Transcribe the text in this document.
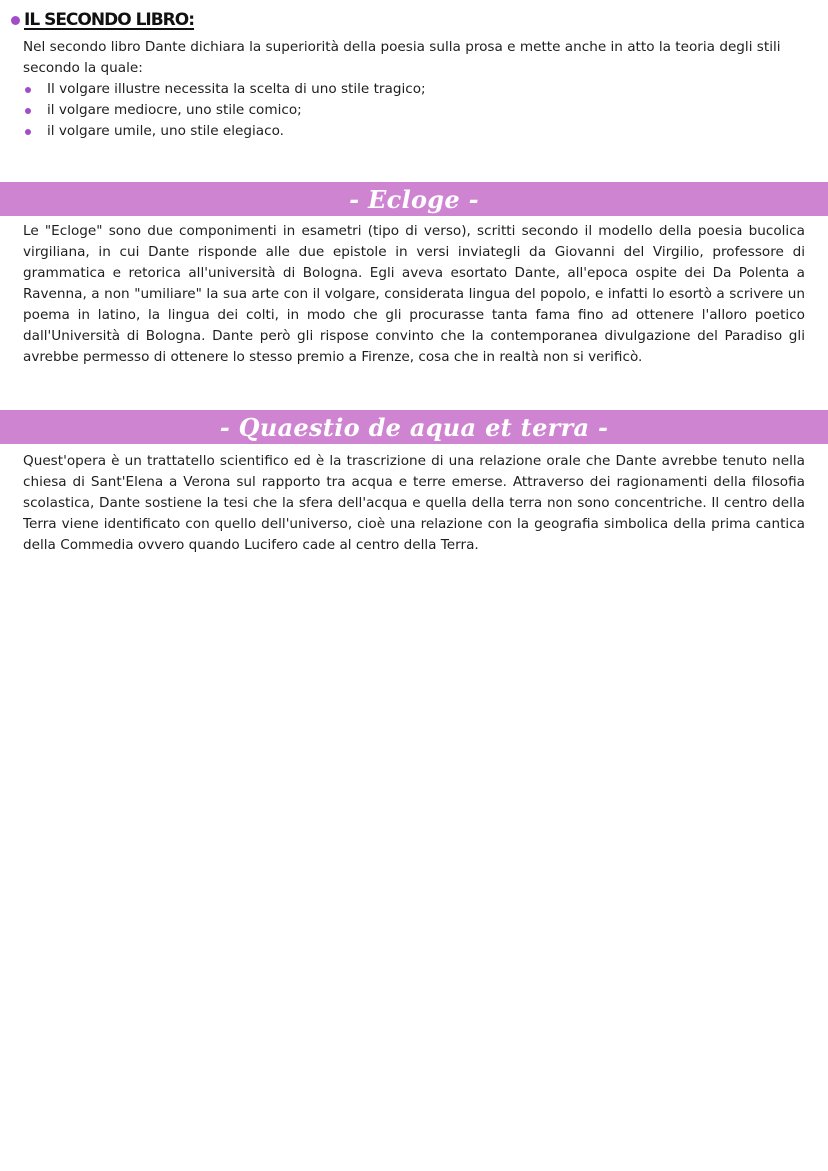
IL SECONDO LIBRO:
Nel secondo libro Dante dichiara la superiorità della poesia sulla prosa e mette anche in atto la teoria degli stili secondo la quale:
Il volgare illustre necessita la scelta di uno stile tragico;
il volgare mediocre, uno stile comico;
il volgare umile, uno stile elegiaco.
- Ecloge -
Le "Ecloge" sono due componimenti in esametri (tipo di verso), scritti secondo il modello della poesia bucolica virgiliana, in cui Dante risponde alle due epistole in versi inviategli da Giovanni del Virgilio, professore di grammatica e retorica all'università di Bologna. Egli aveva esortato Dante, all'epoca ospite dei Da Polenta a Ravenna, a non "umiliare" la sua arte con il volgare, considerata lingua del popolo, e infatti lo esortò a scrivere un poema in latino, la lingua dei colti, in modo che gli procurasse tanta fama fino ad ottenere l'alloro poetico dall'Università di Bologna. Dante però gli rispose convinto che la contemporanea divulgazione del Paradiso gli avrebbe permesso di ottenere lo stesso premio a Firenze, cosa che in realtà non si verificò.
- Quaestio de aqua et terra -
Quest'opera è un trattatello scientifico ed è la trascrizione di una relazione orale che Dante avrebbe tenuto nella chiesa di Sant'Elena a Verona sul rapporto tra acqua e terre emerse. Attraverso dei ragionamenti della filosofia scolastica, Dante sostiene la tesi che la sfera dell'acqua e quella della terra non sono concentriche. Il centro della Terra viene identificato con quello dell'universo, cioè una relazione con la geografia simbolica della prima cantica della Commedia ovvero quando Lucifero cade al centro della Terra.
